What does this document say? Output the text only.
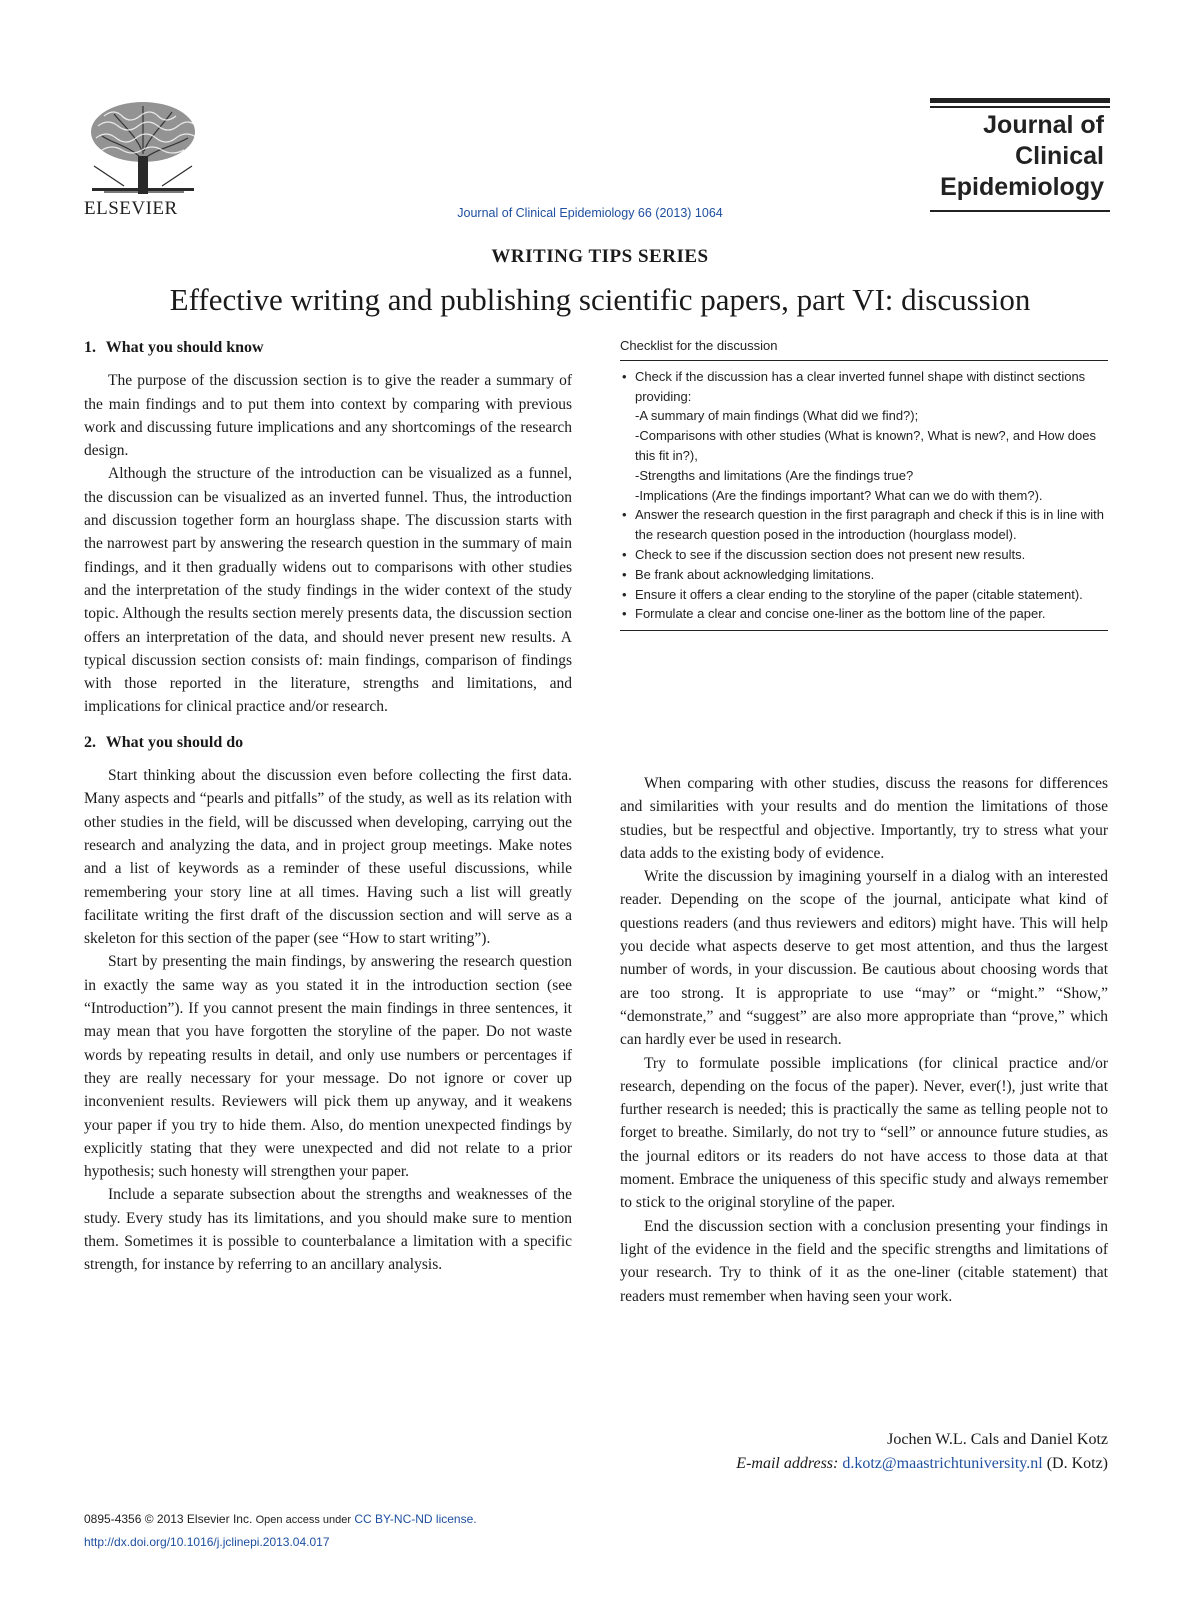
ELSEVIER	Journal of Clinical Epidemiology 66 (2013) 1064
Journal of
Clinical
Epidemiology
WRITING TIPS SERIES
Effective writing and publishing scientific papers, part VI: discussion
1. What you should know

The purpose of the discussion section is to give the reader a summary of the main findings and to put them into context by comparing with previous work and discussing future implications and any shortcomings of the research design.

Although the structure of the introduction can be visualized as a funnel, the discussion can be visualized as an inverted funnel. Thus, the introduction and discussion together form an hourglass shape. The discussion starts with the narrowest part by answering the research question in the summary of main findings, and it then gradually widens out to comparisons with other studies and the interpretation of the study findings in the wider context of the study topic. Although the results section merely presents data, the discussion section offers an interpretation of the data, and should never present new results. A typical discussion section consists of: main findings, comparison of findings with those reported in the literature, strengths and limitations, and implications for clinical practice and/or research.

2. What you should do

Start thinking about the discussion even before collecting the first data. Many aspects and “pearls and pitfalls” of the study, as well as its relation with other studies in the field, will be discussed when developing, carrying out the research and analyzing the data, and in project group meetings. Make notes and a list of keywords as a reminder of these useful discussions, while remembering your story line at all times. Having such a list will greatly facilitate writing the first draft of the discussion section and will serve as a skeleton for this section of the paper (see “How to start writing”).

Start by presenting the main findings, by answering the research question in exactly the same way as you stated it in the introduction section (see “Introduction”). If you cannot present the main findings in three sentences, it may mean that you have forgotten the storyline of the paper. Do not waste words by repeating results in detail, and only use numbers or percentages if they are really necessary for your message. Do not ignore or cover up inconvenient results. Reviewers will pick them up anyway, and it weakens your paper if you try to hide them. Also, do mention unexpected findings by explicitly stating that they were unexpected and did not relate to a prior hypothesis; such honesty will strengthen your paper.

Include a separate subsection about the strengths and weaknesses of the study. Every study has its limitations, and you should make sure to mention them. Sometimes it is possible to counterbalance a limitation with a specific strength, for instance by referring to an ancillary analysis.

Checklist for the discussion
• Check if the discussion has a clear inverted funnel shape with distinct sections providing:
-A summary of main findings (What did we find?);
-Comparisons with other studies (What is known?, What is new?, and How does this fit in?),
-Strengths and limitations (Are the findings true?
-Implications (Are the findings important? What can we do with them?).
• Answer the research question in the first paragraph and check if this is in line with the research question posed in the introduction (hourglass model).
• Check to see if the discussion section does not present new results.
• Be frank about acknowledging limitations.
• Ensure it offers a clear ending to the storyline of the paper (citable statement).
• Formulate a clear and concise one-liner as the bottom line of the paper.

When comparing with other studies, discuss the reasons for differences and similarities with your results and do mention the limitations of those studies, but be respectful and objective. Importantly, try to stress what your data adds to the existing body of evidence.

Write the discussion by imagining yourself in a dialog with an interested reader. Depending on the scope of the journal, anticipate what kind of questions readers (and thus reviewers and editors) might have. This will help you decide what aspects deserve to get most attention, and thus the largest number of words, in your discussion. Be cautious about choosing words that are too strong. It is appropriate to use “may” or “might.” “Show,” “demonstrate,” and “suggest” are also more appropriate than “prove,” which can hardly ever be used in research.

Try to formulate possible implications (for clinical practice and/or research, depending on the focus of the paper). Never, ever(!), just write that further research is needed; this is practically the same as telling people not to forget to breathe. Similarly, do not try to “sell” or announce future studies, as the journal editors or its readers do not have access to those data at that moment. Embrace the uniqueness of this specific study and always remember to stick to the original storyline of the paper.

End the discussion section with a conclusion presenting your findings in light of the evidence in the field and the specific strengths and limitations of your research. Try to think of it as the one-liner (citable statement) that readers must remember when having seen your work.

Jochen W.L. Cals and Daniel Kotz
E-mail address: d.kotz@maastrichtuniversity.nl (D. Kotz)
0895-4356 © 2013 Elsevier Inc. Open access under CC BY-NC-ND license.
http://dx.doi.org/10.1016/j.jclinepi.2013.04.017
